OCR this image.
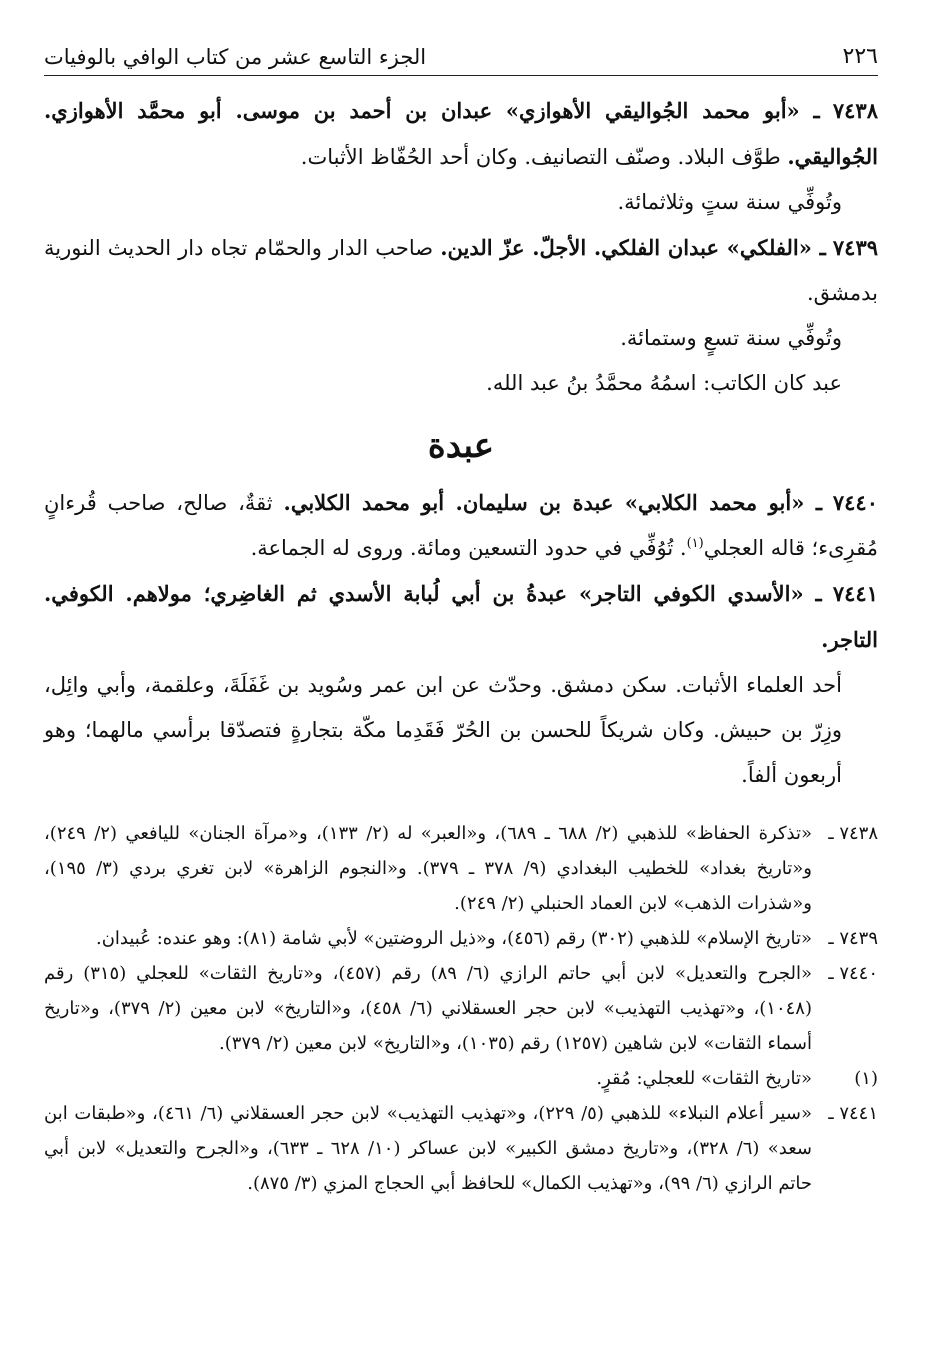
٢٢٦
الجزء التاسع عشر من كتاب الوافي بالوفيات

٧٤٣٨ ـ «أبو محمد الجُواليقي الأهوازي» عبدان بن أحمد بن موسى. أبو محمَّد الأهوازي. الجُواليقي. طوَّف البلاد. وصنّف التصانيف. وكان أحد الحُفّاظ الأثبات.

وتُوفِّي سنة ستٍ وثلاثمائة.

٧٤٣٩ ـ «الفلكي» عبدان الفلكي. الأجلّ. عزّ الدين. صاحب الدار والحمّام تجاه دار الحديث النورية بدمشق.

وتُوفِّي سنة تسعٍ وستمائة.

عبد كان الكاتب: اسمُهُ محمَّدُ بنُ عبد الله.

عبدة

٧٤٤٠ ـ «أبو محمد الكلابي» عبدة بن سليمان. أبو محمد الكلابي. ثقةٌ، صالح، صاحب قُرءانٍ مُقرِىء؛ قاله العجلي$^{(١)}$. تُوُفِّي في حدود التسعين ومائة. وروى له الجماعة.

٧٤٤١ ـ «الأسدي الكوفي التاجر» عبدةُ بن أبي لُبابة الأسدي ثم الغاضِري؛ مولاهم. الكوفي. التاجر.

أحد العلماء الأثبات. سكن دمشق. وحدّث عن ابن عمر وسُويد بن غَفَلَةَ، وعلقمة، وأبي وائِل، وزِرّ بن حبيش. وكان شريكاً للحسن بن الحُرّ فَقَدِما مكّة بتجارةٍ فتصدّقا برأسي مالهما؛ وهو أربعون ألفاً.

٧٤٣٨ ـ
«تذكرة الحفاظ» للذهبي (٢/ ٦٨٨ ـ ٦٨٩)، و«العبر» له (٢/ ١٣٣)، و«مرآة الجنان» لليافعي (٢/ ٢٤٩)، و«تاريخ بغداد» للخطيب البغدادي (٩/ ٣٧٨ ـ ٣٧٩). و«النجوم الزاهرة» لابن تغري بردي (٣/ ١٩٥)، و«شذرات الذهب» لابن العماد الحنبلي (٢/ ٢٤٩).

٧٤٣٩ ـ
«تاريخ الإسلام» للذهبي (٣٠٢) رقم (٤٥٦)، و«ذيل الروضتين» لأبي شامة (٨١): وهو عنده: عُبيدان.

٧٤٤٠ ـ
«الجرح والتعديل» لابن أبي حاتم الرازي (٦/ ٨٩) رقم (٤٥٧)، و«تاريخ الثقات» للعجلي (٣١٥) رقم (١٠٤٨)، و«تهذيب التهذيب» لابن حجر العسقلاني (٦/ ٤٥٨)، و«التاريخ» لابن معين (٢/ ٣٧٩)، و«تاريخ أسماء الثقات» لابن شاهين (١٢٥٧) رقم (١٠٣٥)، و«التاريخ» لابن معين (٢/ ٣٧٩).

(١)
«تاريخ الثقات» للعجلي: مُقرٍ.

٧٤٤١ ـ
«سير أعلام النبلاء» للذهبي (٥/ ٢٢٩)، و«تهذيب التهذيب» لابن حجر العسقلاني (٦/ ٤٦١)، و«طبقات ابن سعد» (٦/ ٣٢٨)، و«تاريخ دمشق الكبير» لابن عساكر (١٠/ ٦٢٨ ـ ٦٣٣)، و«الجرح والتعديل» لابن أبي حاتم الرازي (٦/ ٩٩)، و«تهذيب الكمال» للحافظ أبي الحجاج المزي (٣/ ٨٧٥).
